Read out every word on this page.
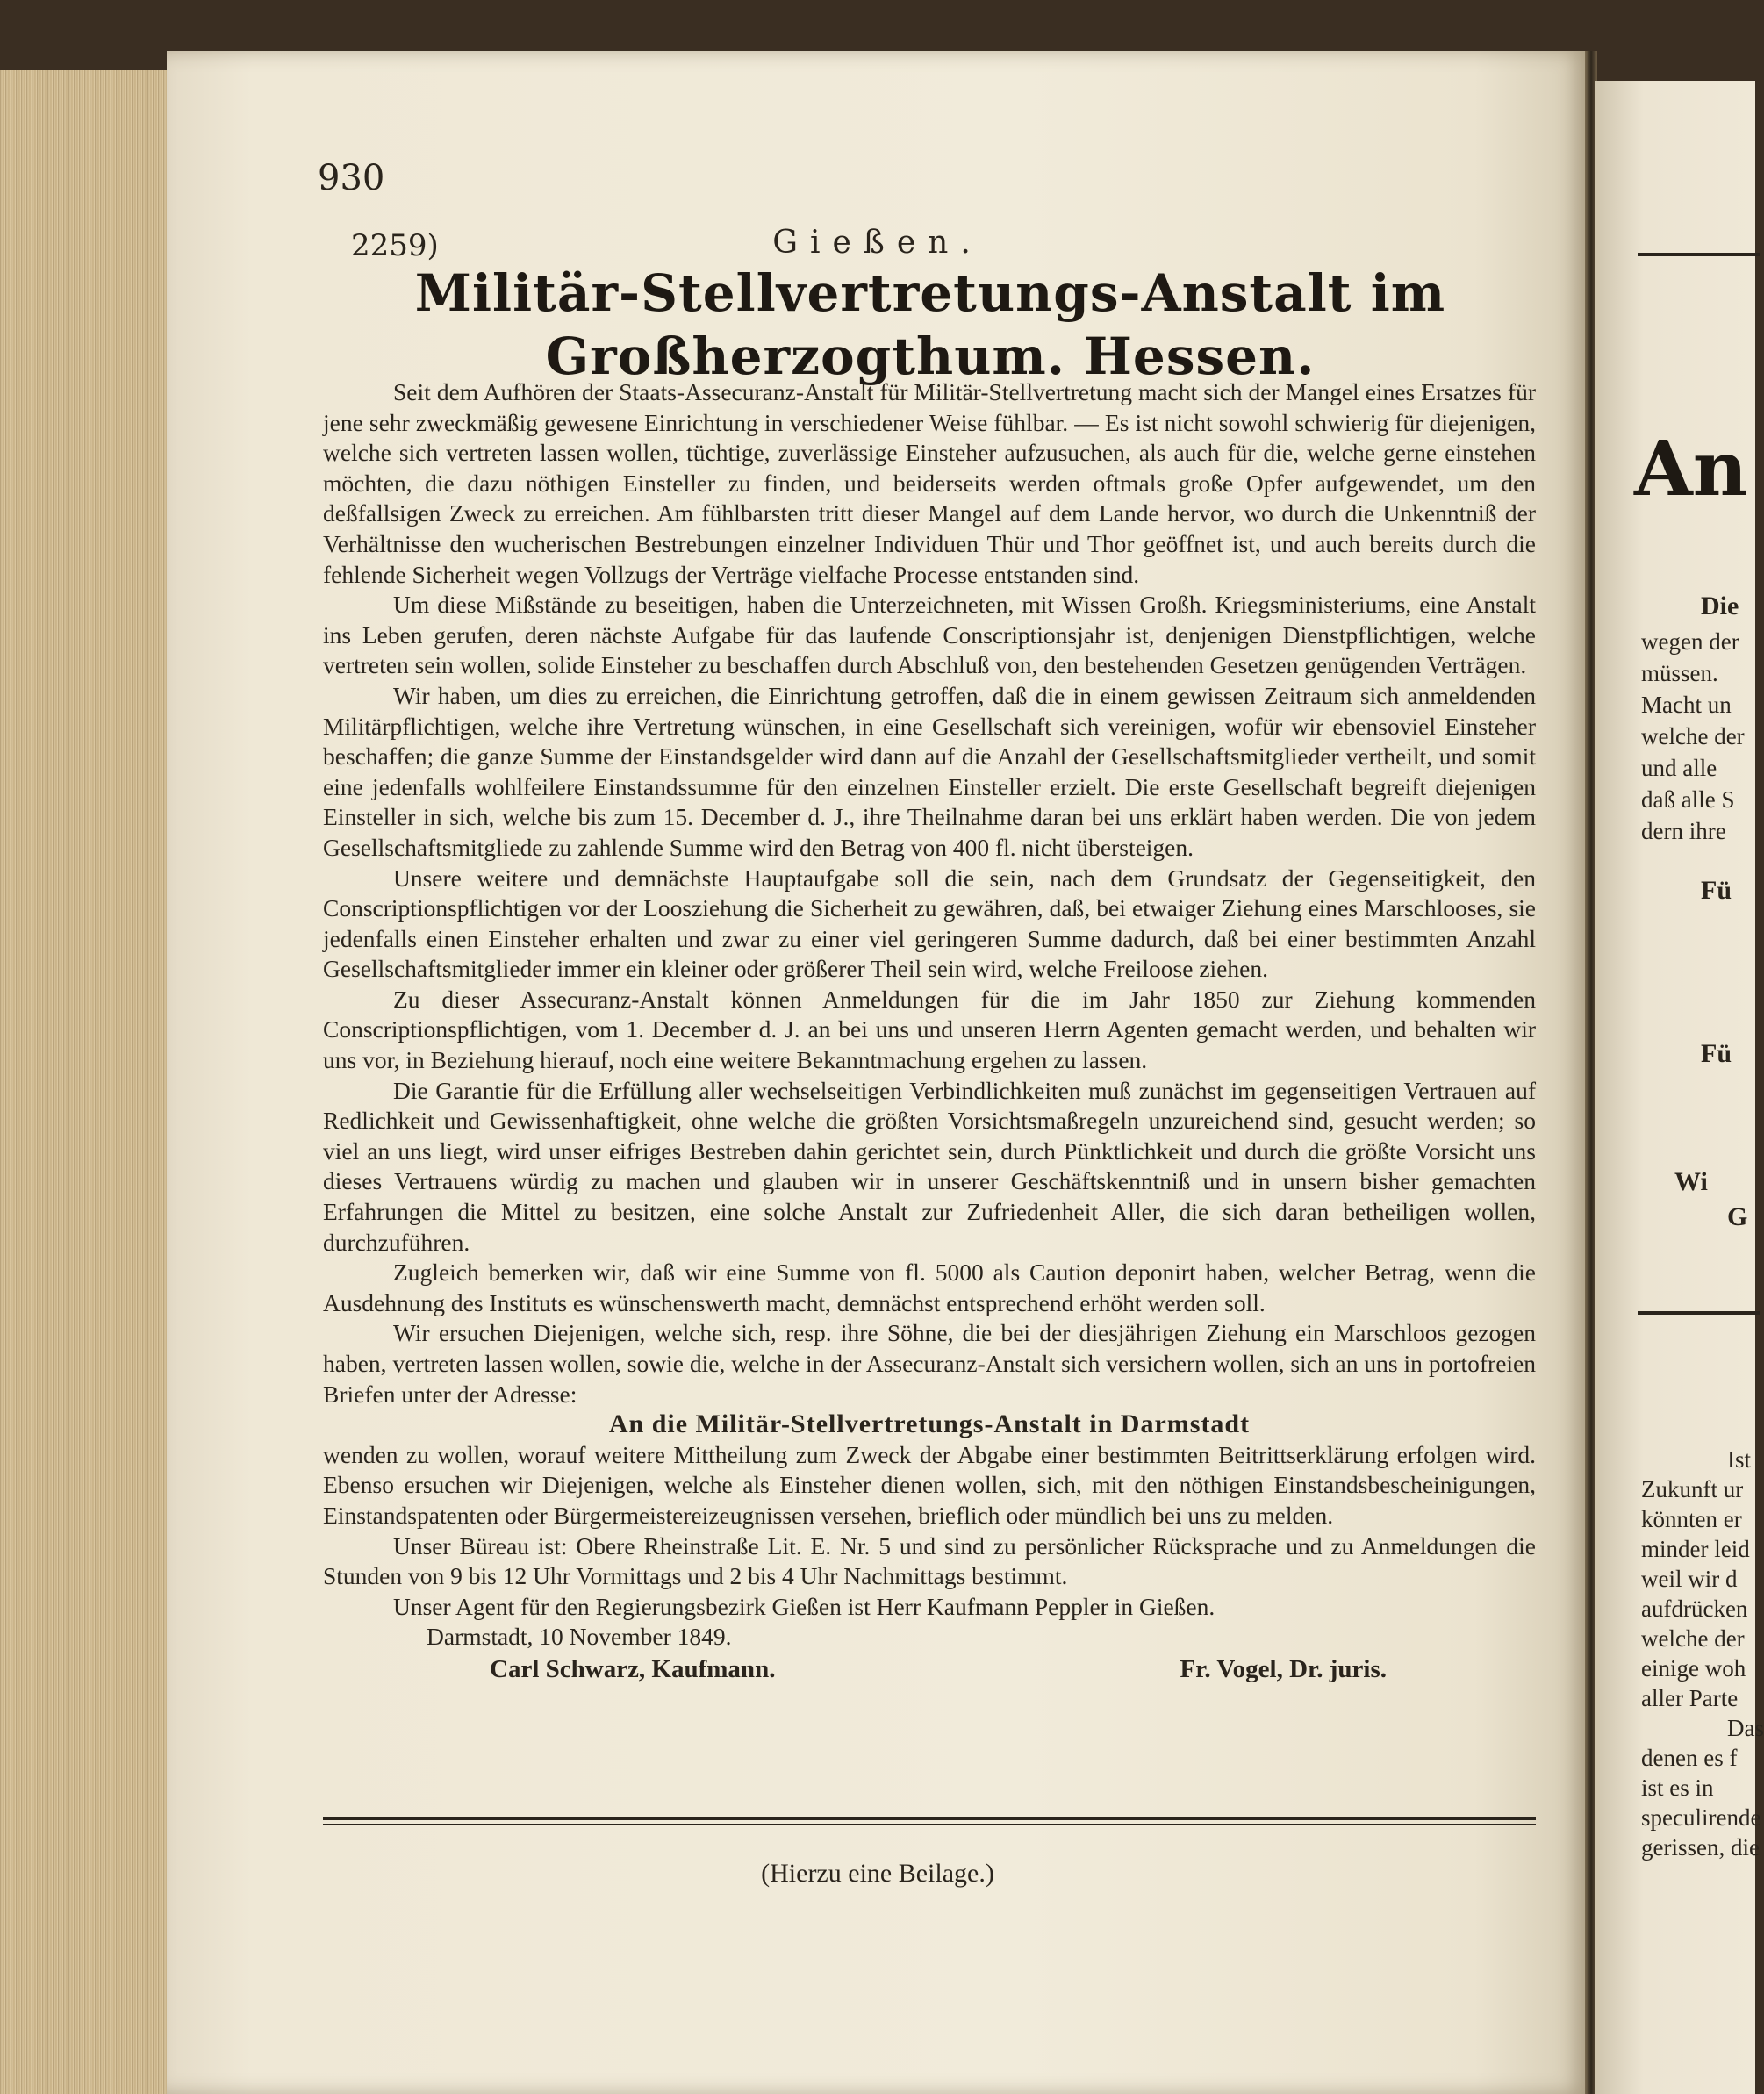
930
2259)	Gießen.
Militär-Stellvertretungs-Anstalt im Großherzogthum. Hessen.

Seit dem Aufhören der Staats-Assecuranz-Anstalt für Militär-Stellvertretung macht sich der Mangel eines Ersatzes für jene sehr zweckmäßig gewesene Einrichtung in verschiedener Weise fühlbar. — Es ist nicht sowohl schwierig für diejenigen, welche sich vertreten lassen wollen, tüchtige, zuverlässige Einsteher aufzusuchen, als auch für die, welche gerne einstehen möchten, die dazu nöthigen Einsteller zu finden, und beiderseits werden oftmals große Opfer aufgewendet, um den deßfallsigen Zweck zu erreichen. Am fühlbarsten tritt dieser Mangel auf dem Lande hervor, wo durch die Unkenntniß der Verhältnisse den wucherischen Bestrebungen einzelner Individuen Thür und Thor geöffnet ist, und auch bereits durch die fehlende Sicherheit wegen Vollzugs der Verträge vielfache Processe entstanden sind.

Um diese Mißstände zu beseitigen, haben die Unterzeichneten, mit Wissen Großh. Kriegsministeriums, eine Anstalt ins Leben gerufen, deren nächste Aufgabe für das laufende Conscriptionsjahr ist, denjenigen Dienstpflichtigen, welche vertreten sein wollen, solide Einsteher zu beschaffen durch Abschluß von, den bestehenden Gesetzen genügenden Verträgen.

Wir haben, um dies zu erreichen, die Einrichtung getroffen, daß die in einem gewissen Zeitraum sich anmeldenden Militärpflichtigen, welche ihre Vertretung wünschen, in eine Gesellschaft sich vereinigen, wofür wir ebensoviel Einsteher beschaffen; die ganze Summe der Einstandsgelder wird dann auf die Anzahl der Gesellschaftsmitglieder vertheilt, und somit eine jedenfalls wohlfeilere Einstandssumme für den einzelnen Einsteller erzielt. Die erste Gesellschaft begreift diejenigen Einsteller in sich, welche bis zum 15. December d. J., ihre Theilnahme daran bei uns erklärt haben werden. Die von jedem Gesellschaftsmitgliede zu zahlende Summe wird den Betrag von 400 fl. nicht übersteigen.

Unsere weitere und demnächste Hauptaufgabe soll die sein, nach dem Grundsatz der Gegenseitigkeit, den Conscriptionspflichtigen vor der Loosziehung die Sicherheit zu gewähren, daß, bei etwaiger Ziehung eines Marschlooses, sie jedenfalls einen Einsteher erhalten und zwar zu einer viel geringeren Summe dadurch, daß bei einer bestimmten Anzahl Gesellschaftsmitglieder immer ein kleiner oder größerer Theil sein wird, welche Freiloose ziehen.

Zu dieser Assecuranz-Anstalt können Anmeldungen für die im Jahr 1850 zur Ziehung kommenden Conscriptionspflichtigen, vom 1. December d. J. an bei uns und unseren Herrn Agenten gemacht werden, und behalten wir uns vor, in Beziehung hierauf, noch eine weitere Bekanntmachung ergehen zu lassen.

Die Garantie für die Erfüllung aller wechselseitigen Verbindlichkeiten muß zunächst im gegenseitigen Vertrauen auf Redlichkeit und Gewissenhaftigkeit, ohne welche die größten Vorsichtsmaßregeln unzureichend sind, gesucht werden; so viel an uns liegt, wird unser eifriges Bestreben dahin gerichtet sein, durch Pünktlichkeit und durch die größte Vorsicht uns dieses Vertrauens würdig zu machen und glauben wir in unserer Geschäftskenntniß und in unsern bisher gemachten Erfahrungen die Mittel zu besitzen, eine solche Anstalt zur Zufriedenheit Aller, die sich daran betheiligen wollen, durchzuführen.

Zugleich bemerken wir, daß wir eine Summe von fl. 5000 als Caution deponirt haben, welcher Betrag, wenn die Ausdehnung des Instituts es wünschenswerth macht, demnächst entsprechend erhöht werden soll.

Wir ersuchen Diejenigen, welche sich, resp. ihre Söhne, die bei der diesjährigen Ziehung ein Marschloos gezogen haben, vertreten lassen wollen, sowie die, welche in der Assecuranz-Anstalt sich versichern wollen, sich an uns in portofreien Briefen unter der Adresse:

An die Militär-Stellvertretungs-Anstalt in Darmstadt

wenden zu wollen, worauf weitere Mittheilung zum Zweck der Abgabe einer bestimmten Beitrittserklärung erfolgen wird. Ebenso ersuchen wir Diejenigen, welche als Einsteher dienen wollen, sich, mit den nöthigen Einstandsbescheinigungen, Einstandspatenten oder Bürgermeistereizeugnissen versehen, brieflich oder mündlich bei uns zu melden.

Unser Büreau ist: Obere Rheinstraße Lit. E. Nr. 5 und sind zu persönlicher Rücksprache und zu Anmeldungen die Stunden von 9 bis 12 Uhr Vormittags und 2 bis 4 Uhr Nachmittags bestimmt.

Unser Agent für den Regierungsbezirk Gießen ist Herr Kaufmann Peppler in Gießen.

Darmstadt, 10 November 1849.

Carl Schwarz, Kaufmann.	Fr. Vogel, Dr. juris.
(Hierzu eine Beilage.)
An
Die
wegen der
müssen.
Macht un
welche der
und alle
daß alle S
dern ihre
Fü
Fü
Wi
G
Ist
Zukunft ur
könnten er
minder leid
weil wir d
aufdrücken
welche der
einige woh
aller Parte
Das
denen es f
ist es in
speculirende
gerissen, die
